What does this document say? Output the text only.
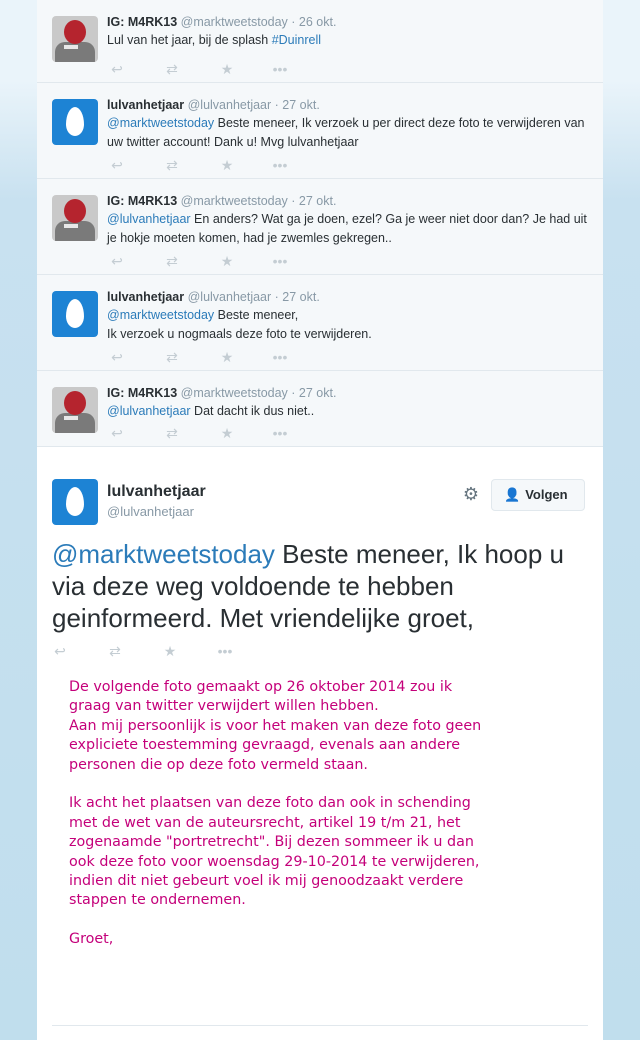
IG: M4RK13 @marktweetstoday · 26 okt.
Lul van het jaar, bij de splash #Duinrell
↩	⇄	★	•••
lulvanhetjaar @lulvanhetjaar · 27 okt.
@marktweetstoday Beste meneer, Ik verzoek u per direct deze foto te verwijderen van uw twitter account! Dank u! Mvg lulvanhetjaar
↩	⇄	★	•••
IG: M4RK13 @marktweetstoday · 27 okt.
@lulvanhetjaar En anders? Wat ga je doen, ezel? Ga je weer niet door dan? Je had uit je hokje moeten komen, had je zwemles gekregen..
↩	⇄	★	•••
lulvanhetjaar @lulvanhetjaar · 27 okt.
@marktweetstoday Beste meneer,
Ik verzoek u nogmaals deze foto te verwijderen.
↩	⇄	★	•••
IG: M4RK13 @marktweetstoday · 27 okt.
@lulvanhetjaar Dat dacht ik dus niet..
↩	⇄	★	•••
lulvanhetjaar
@lulvanhetjaar
⚙	👤 Volgen
@marktweetstoday Beste meneer, Ik hoop u via deze weg voldoende te hebben geinformeerd. Met vriendelijke groet,
↩	⇄	★	•••
De volgende foto gemaakt op 26 oktober 2014 zou ik
graag van twitter verwijdert willen hebben.
Aan mij persoonlijk is voor het maken van deze foto geen
expliciete toestemming gevraagd, evenals aan andere
personen die op deze foto vermeld staan.

Ik acht het plaatsen van deze foto dan ook in schending
met de wet van de auteursrecht, artikel 19 t/m 21, het
zogenaamde "portretrecht". Bij dezen sommeer ik u dan
ook deze foto voor woensdag 29-10-2014 te verwijderen,
indien dit niet gebeurt voel ik mij genoodzaakt verdere
stappen te ondernemen.

Groet,
